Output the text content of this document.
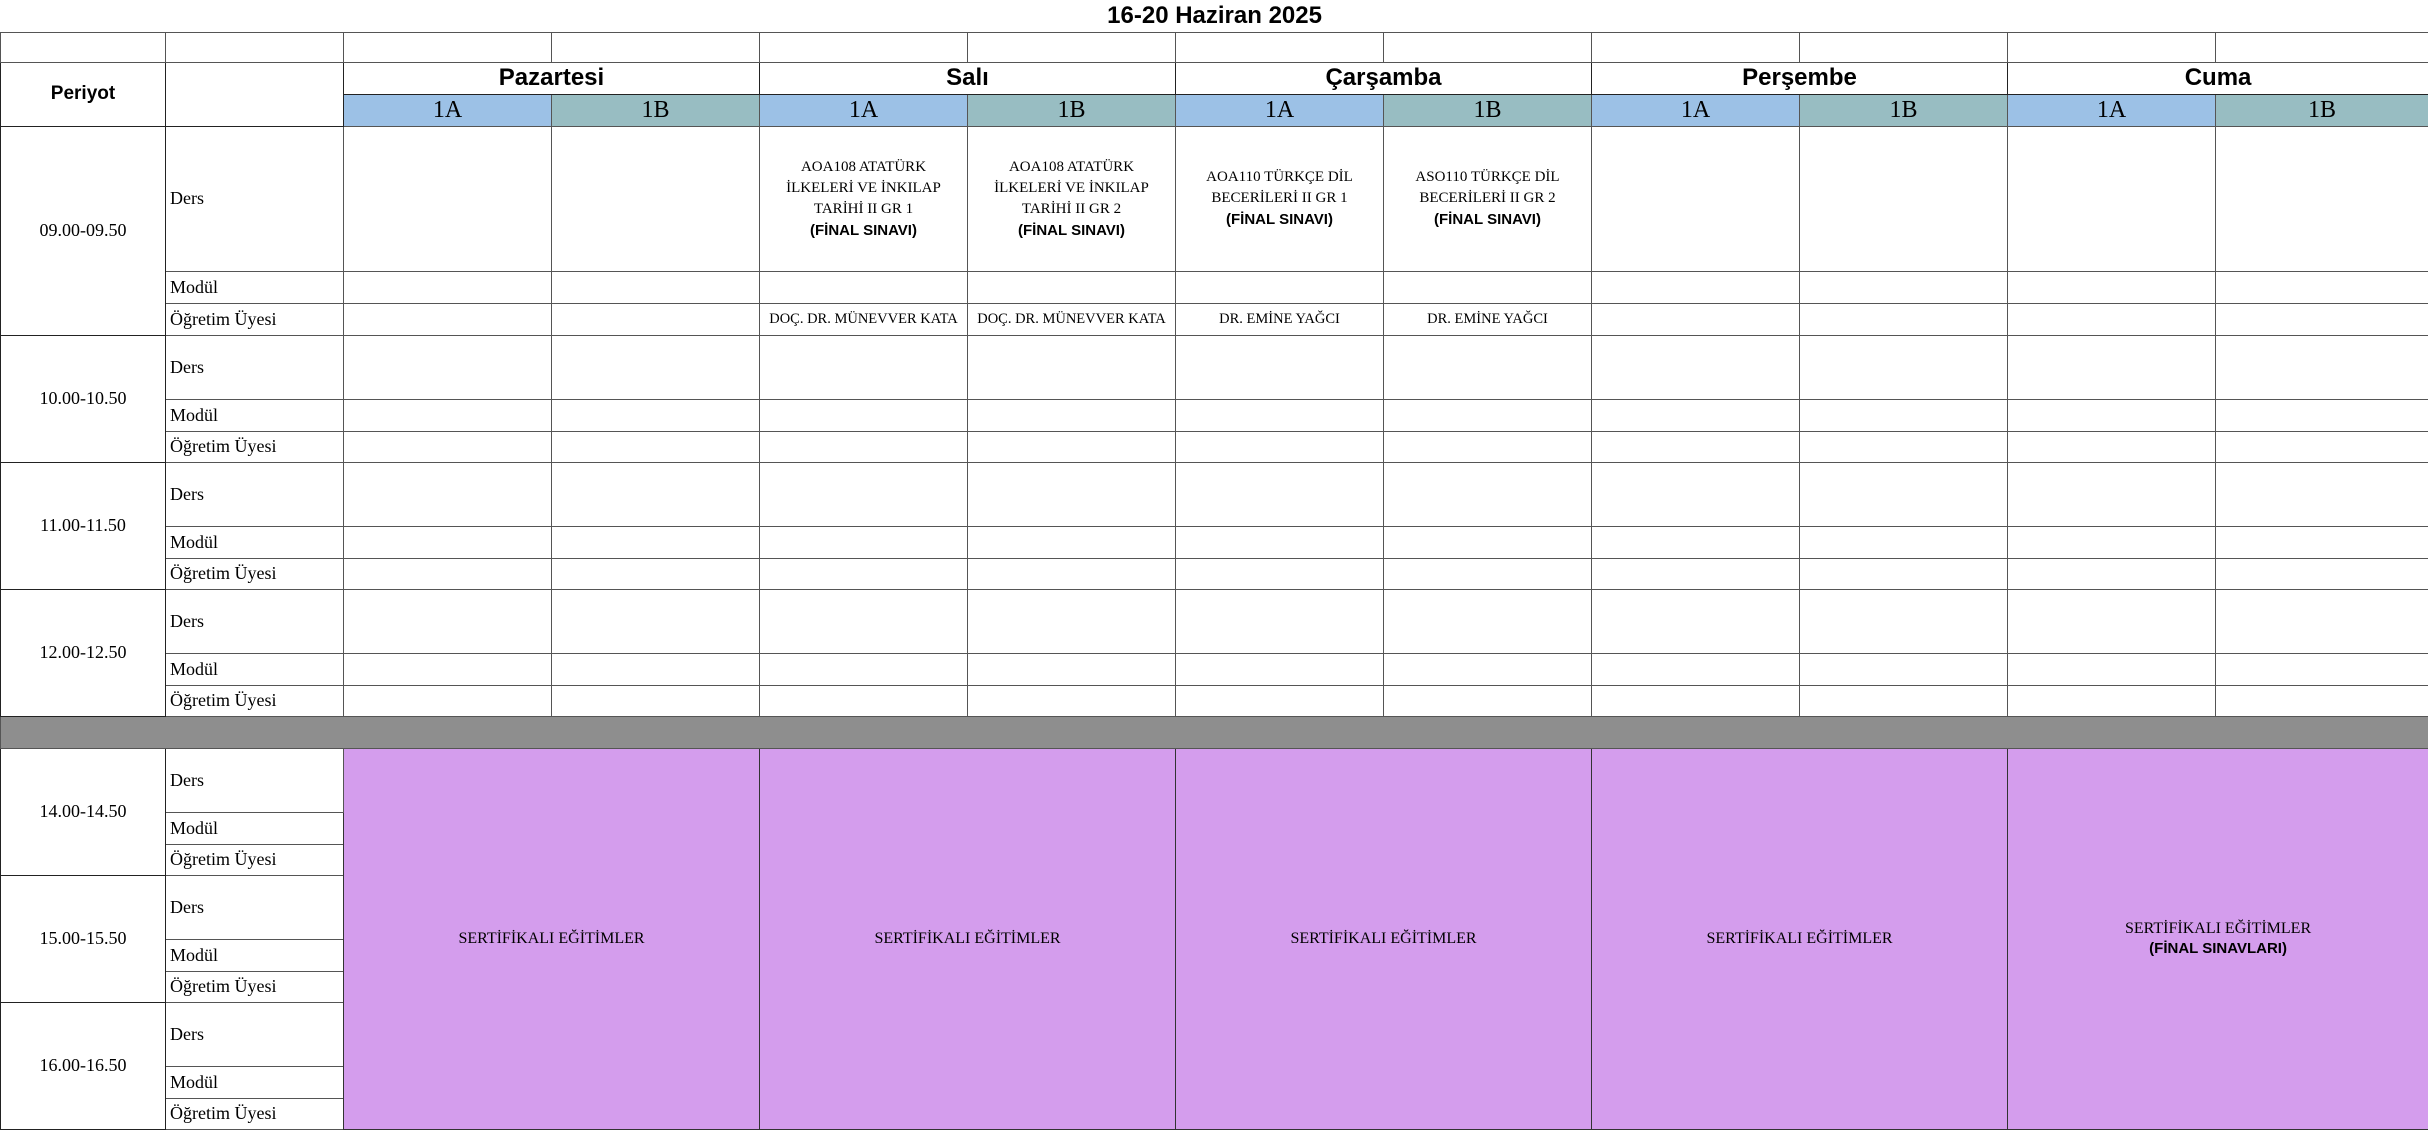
16-20 Haziran 2025											

Periyot		Pazartesi		Salı		Çarşamba		Perşembe		Cuma	
		1A	1B	1A	1B	1A	1B	1A	1B	1A	1B
09.00-09.50	Ders			AOA108 ATATÜRK
İLKELERİ VE İNKILAP
TARİHİ II GR 1
(FİNAL SINAVI)	AOA108 ATATÜRK
İLKELERİ VE İNKILAP
TARİHİ II GR 2
(FİNAL SINAVI)	AOA110 TÜRKÇE DİL
BECERİLERİ II GR 1
(FİNAL SINAVI)	ASO110 TÜRKÇE DİL
BECERİLERİ II GR 2
(FİNAL SINAVI)				

	Modül										
	Öğretim Üyesi			DOÇ. DR. MÜNEVVER KATA	DOÇ. DR. MÜNEVVER KATA	DR. EMİNE YAĞCI	DR. EMİNE YAĞCI				
10.00-10.50	Ders										
	Modül										
	Öğretim Üyesi										
11.00-11.50	Ders										
	Modül										
	Öğretim Üyesi										
12.00-12.50	Ders										
	Modül										
	Öğretim Üyesi										

14.00-14.50	Ders	SERTİFİKALI EĞİTİMLER		SERTİFİKALI EĞİTİMLER		SERTİFİKALI EĞİTİMLER		SERTİFİKALI EĞİTİMLER		SERTİFİKALI EĞİTİMLER
(FİNAL SINAVLARI)	

	Modül										
	Öğretim Üyesi										
15.00-15.50	Ders										
	Modül										
	Öğretim Üyesi										
16.00-16.50	Ders										
	Modül										
	Öğretim Üyesi										
